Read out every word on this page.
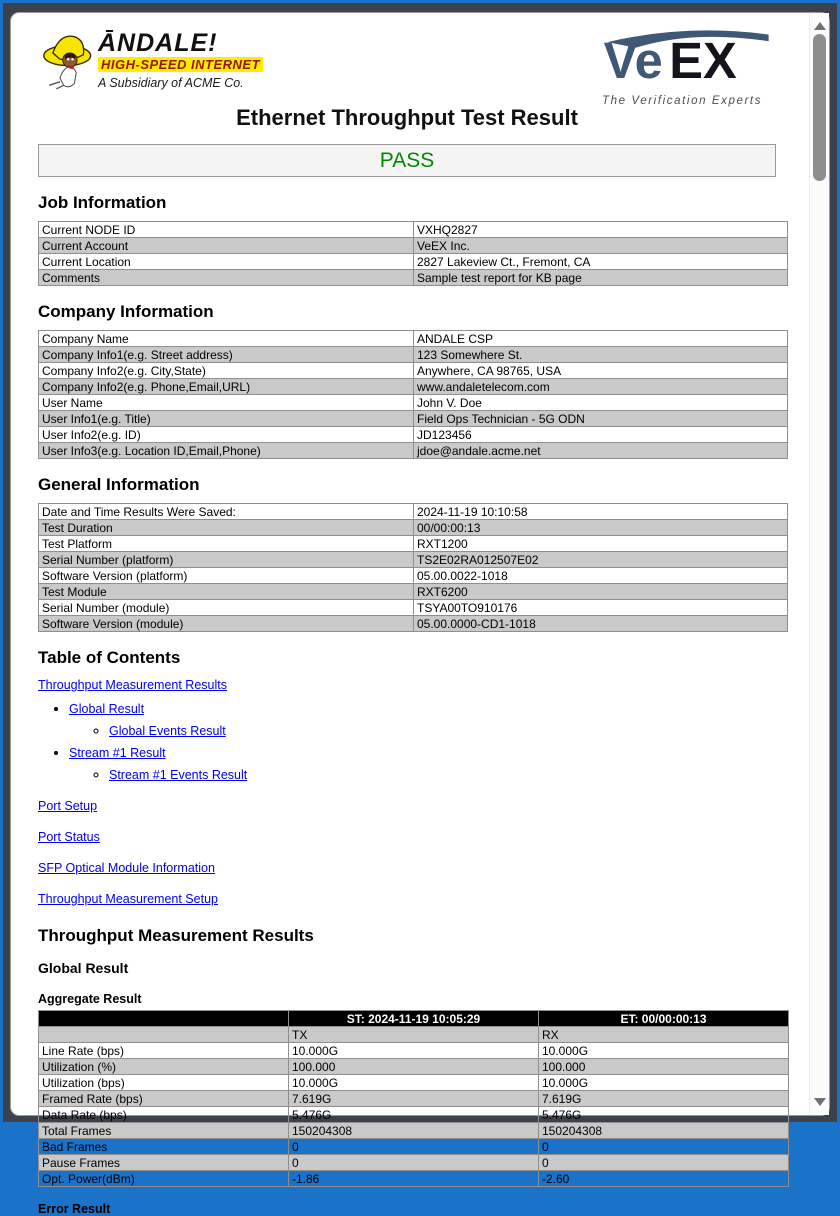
ĀNDALE!
HIGH-SPEED INTERNET
A Subsidiary of ACME Co.	Ve EX
The Verification Experts
Ethernet Throughput Test Result
PASS
Job Information
Current NODE ID	VXHQ2827
Current Account	VeEX Inc.
Current Location	2827 Lakeview Ct., Fremont, CA
Comments	Sample test report for KB page
Company Information
Company Name	ANDALE CSP
Company Info1(e.g. Street address)	123 Somewhere St.
Company Info2(e.g. City,State)	Anywhere, CA 98765, USA
Company Info2(e.g. Phone,Email,URL)	www.andaletelecom.com
User Name	John V. Doe
User Info1(e.g. Title)	Field Ops Technician - 5G ODN
User Info2(e.g. ID)	JD123456
User Info3(e.g. Location ID,Email,Phone)	jdoe@andale.acme.net
General Information
Date and Time Results Were Saved:	2024-11-19 10:10:58
Test Duration	00/00:00:13
Test Platform	RXT1200
Serial Number (platform)	TS2E02RA012507E02
Software Version (platform)	05.00.0022-1018
Test Module	RXT6200
Serial Number (module)	TSYA00TO910176
Software Version (module)	05.00.0000-CD1-1018
Table of Contents
Throughput Measurement Results
• Global Result
◦ Global Events Result
• Stream #1 Result
◦ Stream #1 Events Result
Port Setup
Port Status
SFP Optical Module Information
Throughput Measurement Setup
Throughput Measurement Results
Global Result
Aggregate Result
	ST: 2024-11-19 10:05:29	ET: 00/00:00:13
	TX	RX
Line Rate (bps)	10.000G	10.000G
Utilization (%)	100.000	100.000
Utilization (bps)	10.000G	10.000G
Framed Rate (bps)	7.619G	7.619G
Data Rate (bps)	5.476G	5.476G
Total Frames	150204308	150204308
Bad Frames	0	0
Pause Frames	0	0
Opt. Power(dBm)	-1.86	-2.60
Error Result
